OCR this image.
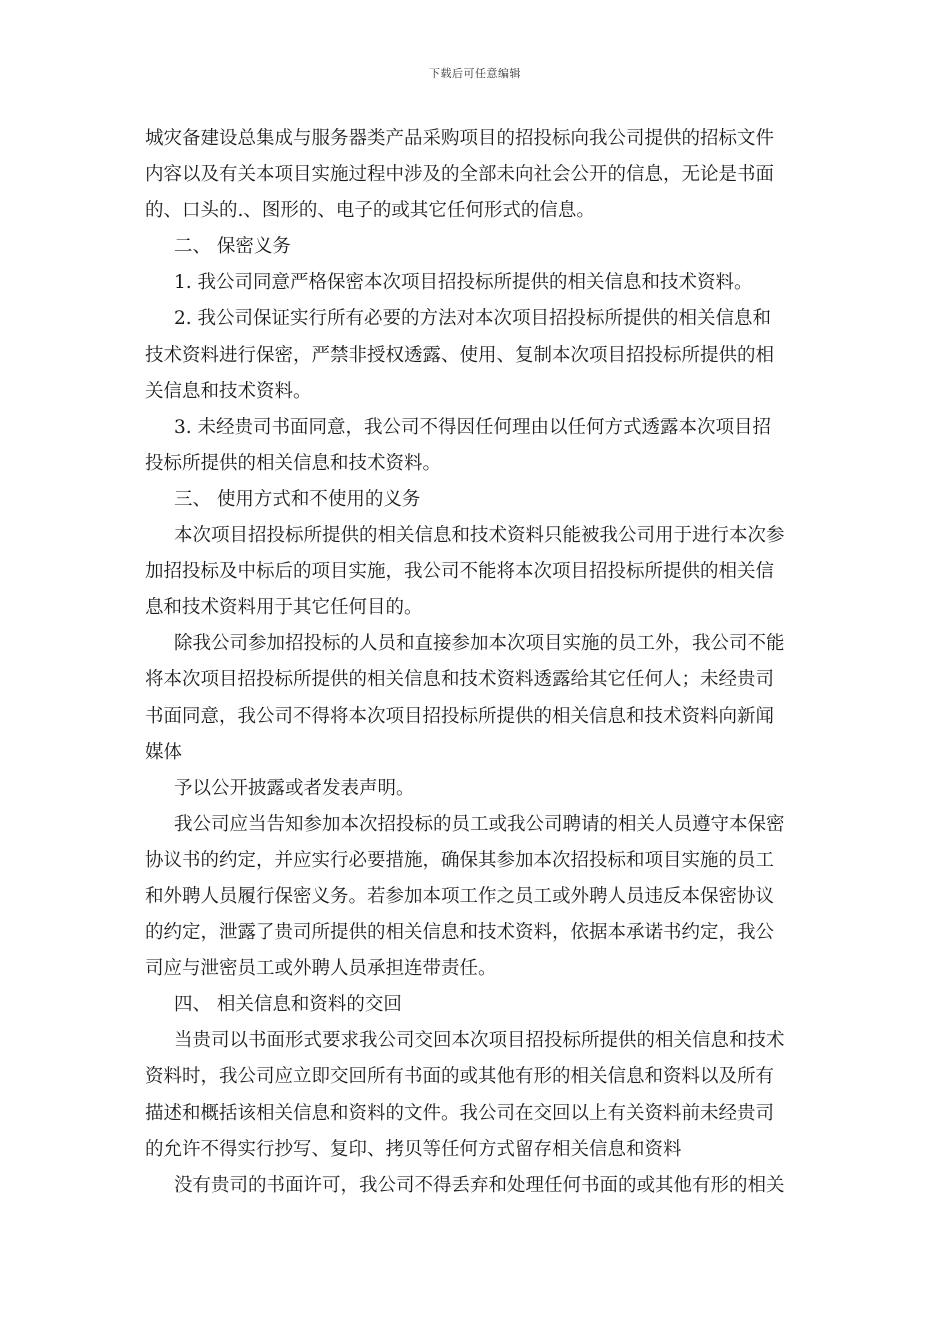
下载后可任意编辑
城灾备建设总集成与服务器类产品采购项目的招投标向我公司提供的招标文件
内容以及有关本项目实施过程中涉及的全部未向社会公开的信息，无论是书面
的、口头的.、图形的、电子的或其它任何形式的信息。
二、 保密义务
1. 我公司同意严格保密本次项目招投标所提供的相关信息和技术资料。
2. 我公司保证实行所有必要的方法对本次项目招投标所提供的相关信息和
技术资料进行保密，严禁非授权透露、使用、复制本次项目招投标所提供的相
关信息和技术资料。
3. 未经贵司书面同意，我公司不得因任何理由以任何方式透露本次项目招
投标所提供的相关信息和技术资料。
三、 使用方式和不使用的义务
本次项目招投标所提供的相关信息和技术资料只能被我公司用于进行本次参
加招投标及中标后的项目实施，我公司不能将本次项目招投标所提供的相关信
息和技术资料用于其它任何目的。
除我公司参加招投标的人员和直接参加本次项目实施的员工外，我公司不能
将本次项目招投标所提供的相关信息和技术资料透露给其它任何人；未经贵司
书面同意，我公司不得将本次项目招投标所提供的相关信息和技术资料向新闻
媒体
予以公开披露或者发表声明。
我公司应当告知参加本次招投标的员工或我公司聘请的相关人员遵守本保密
协议书的约定，并应实行必要措施，确保其参加本次招投标和项目实施的员工
和外聘人员履行保密义务。若参加本项工作之员工或外聘人员违反本保密协议
的约定，泄露了贵司所提供的相关信息和技术资料，依据本承诺书约定，我公
司应与泄密员工或外聘人员承担连带责任。
四、 相关信息和资料的交回
当贵司以书面形式要求我公司交回本次项目招投标所提供的相关信息和技术
资料时，我公司应立即交回所有书面的或其他有形的相关信息和资料以及所有
描述和概括该相关信息和资料的文件。我公司在交回以上有关资料前未经贵司
的允许不得实行抄写、复印、拷贝等任何方式留存相关信息和资料
没有贵司的书面许可，我公司不得丢弃和处理任何书面的或其他有形的相关
